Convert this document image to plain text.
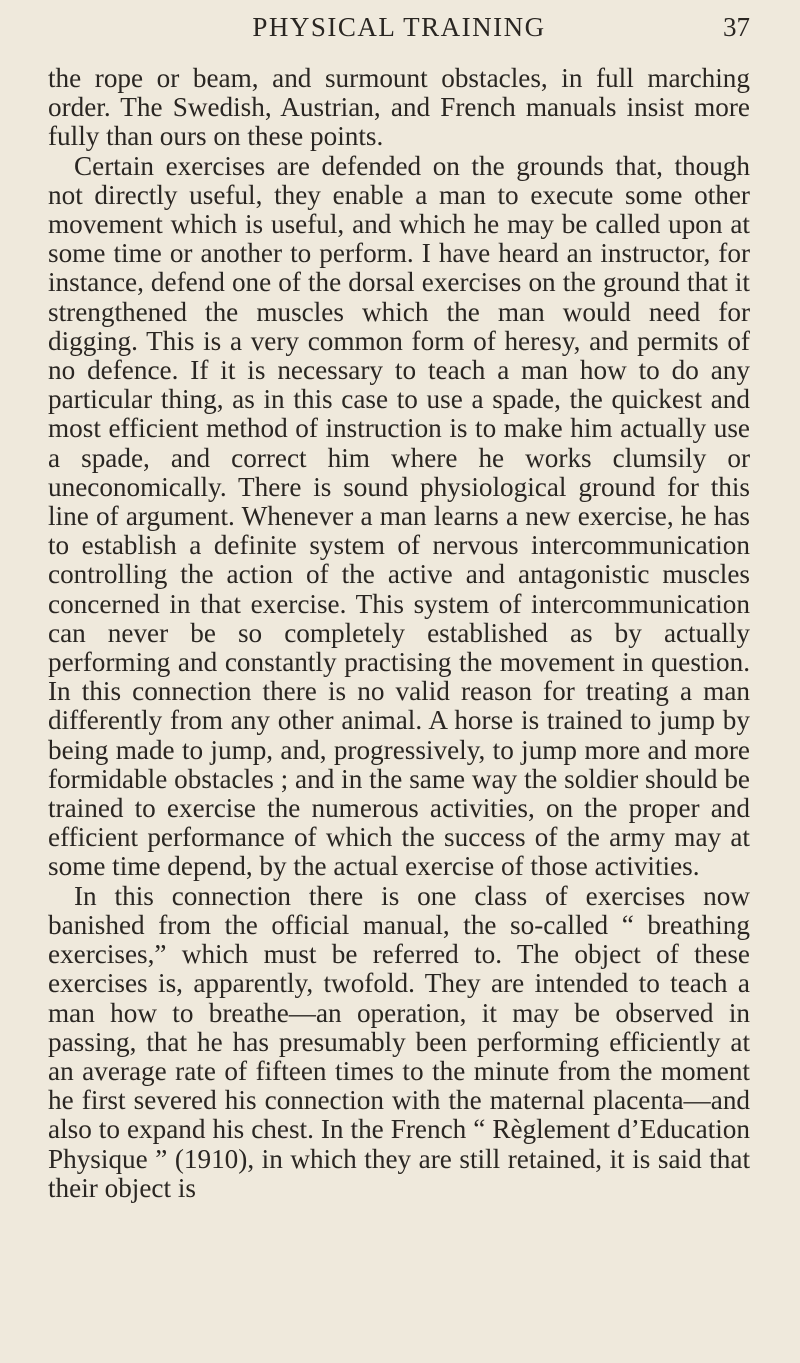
PHYSICAL TRAINING	37

the rope or beam, and surmount obstacles, in full marching order. The Swedish, Austrian, and French manuals insist more fully than ours on these points.

Certain exercises are defended on the grounds that, though not directly useful, they enable a man to execute some other movement which is useful, and which he may be called upon at some time or another to perform. I have heard an instructor, for instance, defend one of the dorsal exercises on the ground that it strengthened the muscles which the man would need for digging. This is a very common form of heresy, and permits of no defence. If it is necessary to teach a man how to do any particular thing, as in this case to use a spade, the quickest and most efficient method of instruction is to make him actually use a spade, and correct him where he works clumsily or uneconomically. There is sound physiological ground for this line of argument. Whenever a man learns a new exercise, he has to establish a definite system of nervous intercommunication controlling the action of the active and antagonistic muscles concerned in that exercise. This system of intercommunication can never be so completely established as by actually performing and constantly practising the movement in question. In this connection there is no valid reason for treating a man differently from any other animal. A horse is trained to jump by being made to jump, and, progressively, to jump more and more formidable obstacles ; and in the same way the soldier should be trained to exercise the numerous activities, on the proper and efficient performance of which the success of the army may at some time depend, by the actual exercise of those activities.

In this connection there is one class of exercises now banished from the official manual, the so-called “ breathing exercises,” which must be referred to. The object of these exercises is, apparently, twofold. They are intended to teach a man how to breathe—an operation, it may be observed in passing, that he has presumably been performing efficiently at an average rate of fifteen times to the minute from the moment he first severed his connection with the maternal placenta—and also to expand his chest. In the French “ Règlement d’Education Physique ” (1910), in which they are still retained, it is said that their object is
